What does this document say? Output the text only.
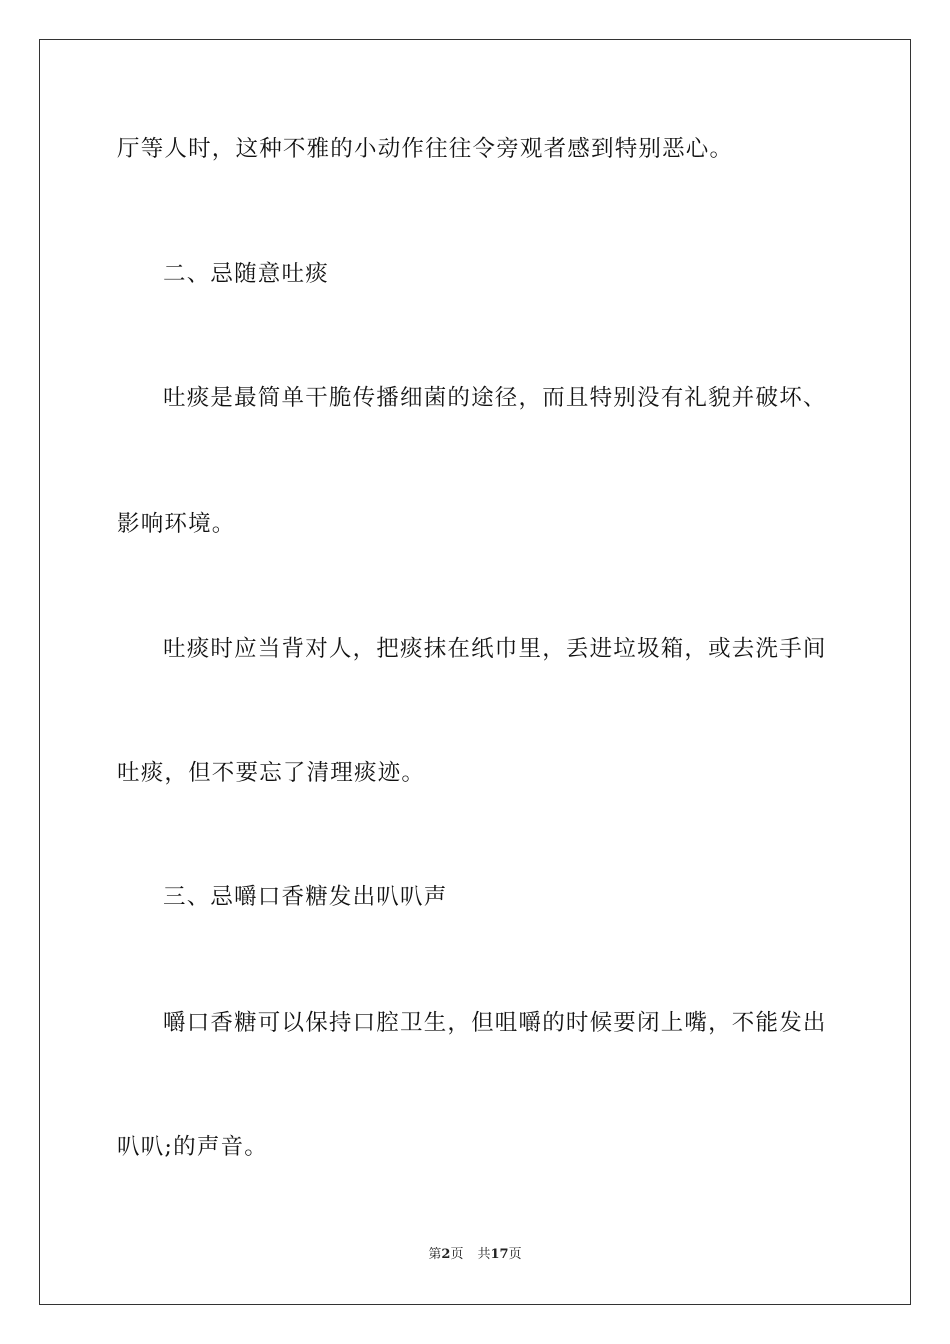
厅等人时，这种不雅的小动作往往令旁观者感到特别恶心。
二、忌随意吐痰
吐痰是最简单干脆传播细菌的途径，而且特别没有礼貌并破坏、
影响环境。
吐痰时应当背对人，把痰抹在纸巾里，丢进垃圾箱，或去洗手间
吐痰，但不要忘了清理痰迹。
三、忌嚼口香糖发出叭叭声
嚼口香糖可以保持口腔卫生，但咀嚼的时候要闭上嘴，不能发出
叭叭;的声音。
第2页 共17页
